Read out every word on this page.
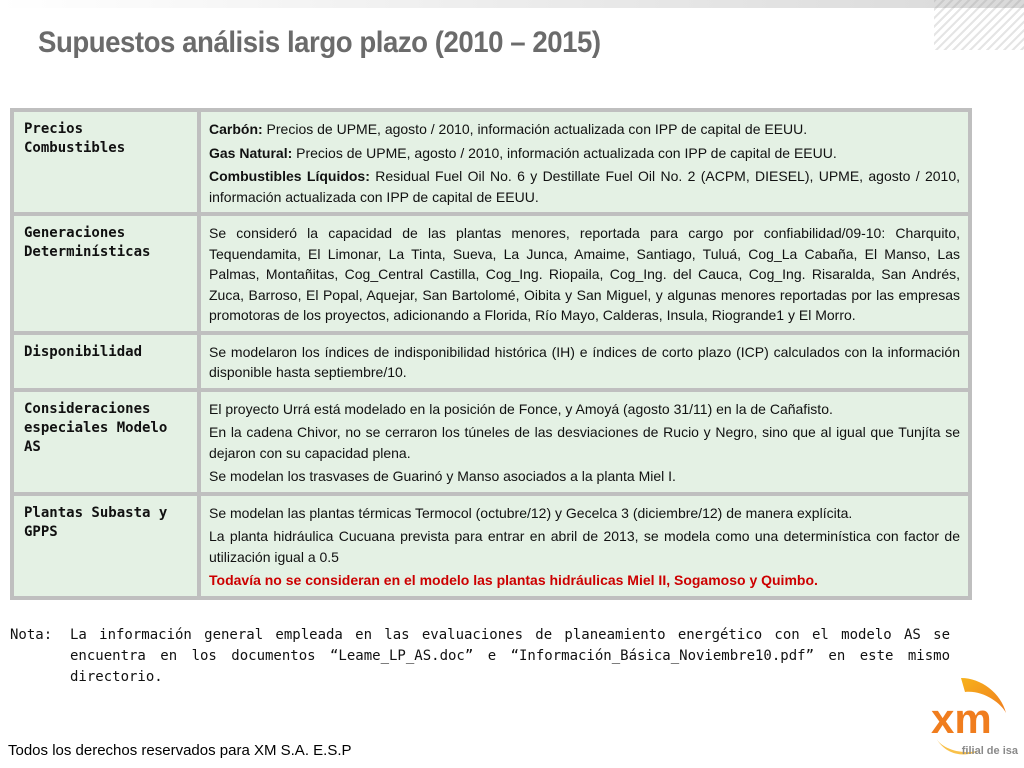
Supuestos análisis largo plazo (2010 – 2015)
Precios Combustibles

Carbón: Precios de UPME, agosto / 2010, información actualizada con IPP de capital de EEUU.

Gas Natural: Precios de UPME, agosto / 2010, información actualizada con IPP de capital de EEUU.

Combustibles Líquidos: Residual Fuel Oil No. 6 y Destillate Fuel Oil No. 2 (ACPM, DIESEL), UPME, agosto / 2010, información actualizada con IPP de capital de EEUU.

Generaciones Determinísticas

Se consideró la capacidad de las plantas menores, reportada para cargo por confiabilidad/09-10: Charquito, Tequendamita, El Limonar, La Tinta, Sueva, La Junca, Amaime, Santiago, Tuluá, Cog_La Cabaña, El Manso, Las Palmas, Montañitas, Cog_Central Castilla, Cog_Ing. Riopaila, Cog_Ing. del Cauca, Cog_Ing. Risaralda, San Andrés, Zuca, Barroso, El Popal, Aquejar, San Bartolomé, Oibita y San Miguel, y algunas menores reportadas por las empresas promotoras de los proyectos, adicionando a Florida, Río Mayo, Calderas, Insula, Riogrande1 y El Morro.

Disponibilidad	Se modelaron los índices de indisponibilidad histórica (IH) e índices de corto plazo (ICP) calculados con la información disponible hasta septiembre/10.

Consideraciones especiales Modelo AS

El proyecto Urrá está modelado en la posición de Fonce, y Amoyá (agosto 31/11) en la de Cañafisto.

En la cadena Chivor, no se cerraron los túneles de las desviaciones de Rucio y Negro, sino que al igual que Tunjíta se dejaron con su capacidad plena.

Se modelan los trasvases de Guarinó y Manso asociados a la planta Miel I.

Plantas Subasta y GPPS

Se modelan las plantas térmicas Termocol (octubre/12) y Gecelca 3 (diciembre/12) de manera explícita.

La planta hidráulica Cucuana prevista para entrar en abril de 2013, se modela como una determinística con factor de utilización igual a 0.5

Todavía no se consideran en el modelo las plantas hidráulicas Miel II, Sogamoso y Quimbo.

Nota:	La información general empleada en las evaluaciones de planeamiento energético con el modelo AS se encuentra en los documentos “Leame_LP_AS.doc” e “Información_Básica_Noviembre10.pdf” en este mismo directorio.
Todos los derechos reservados para XM S.A. E.S.P
xm
filial de isa
